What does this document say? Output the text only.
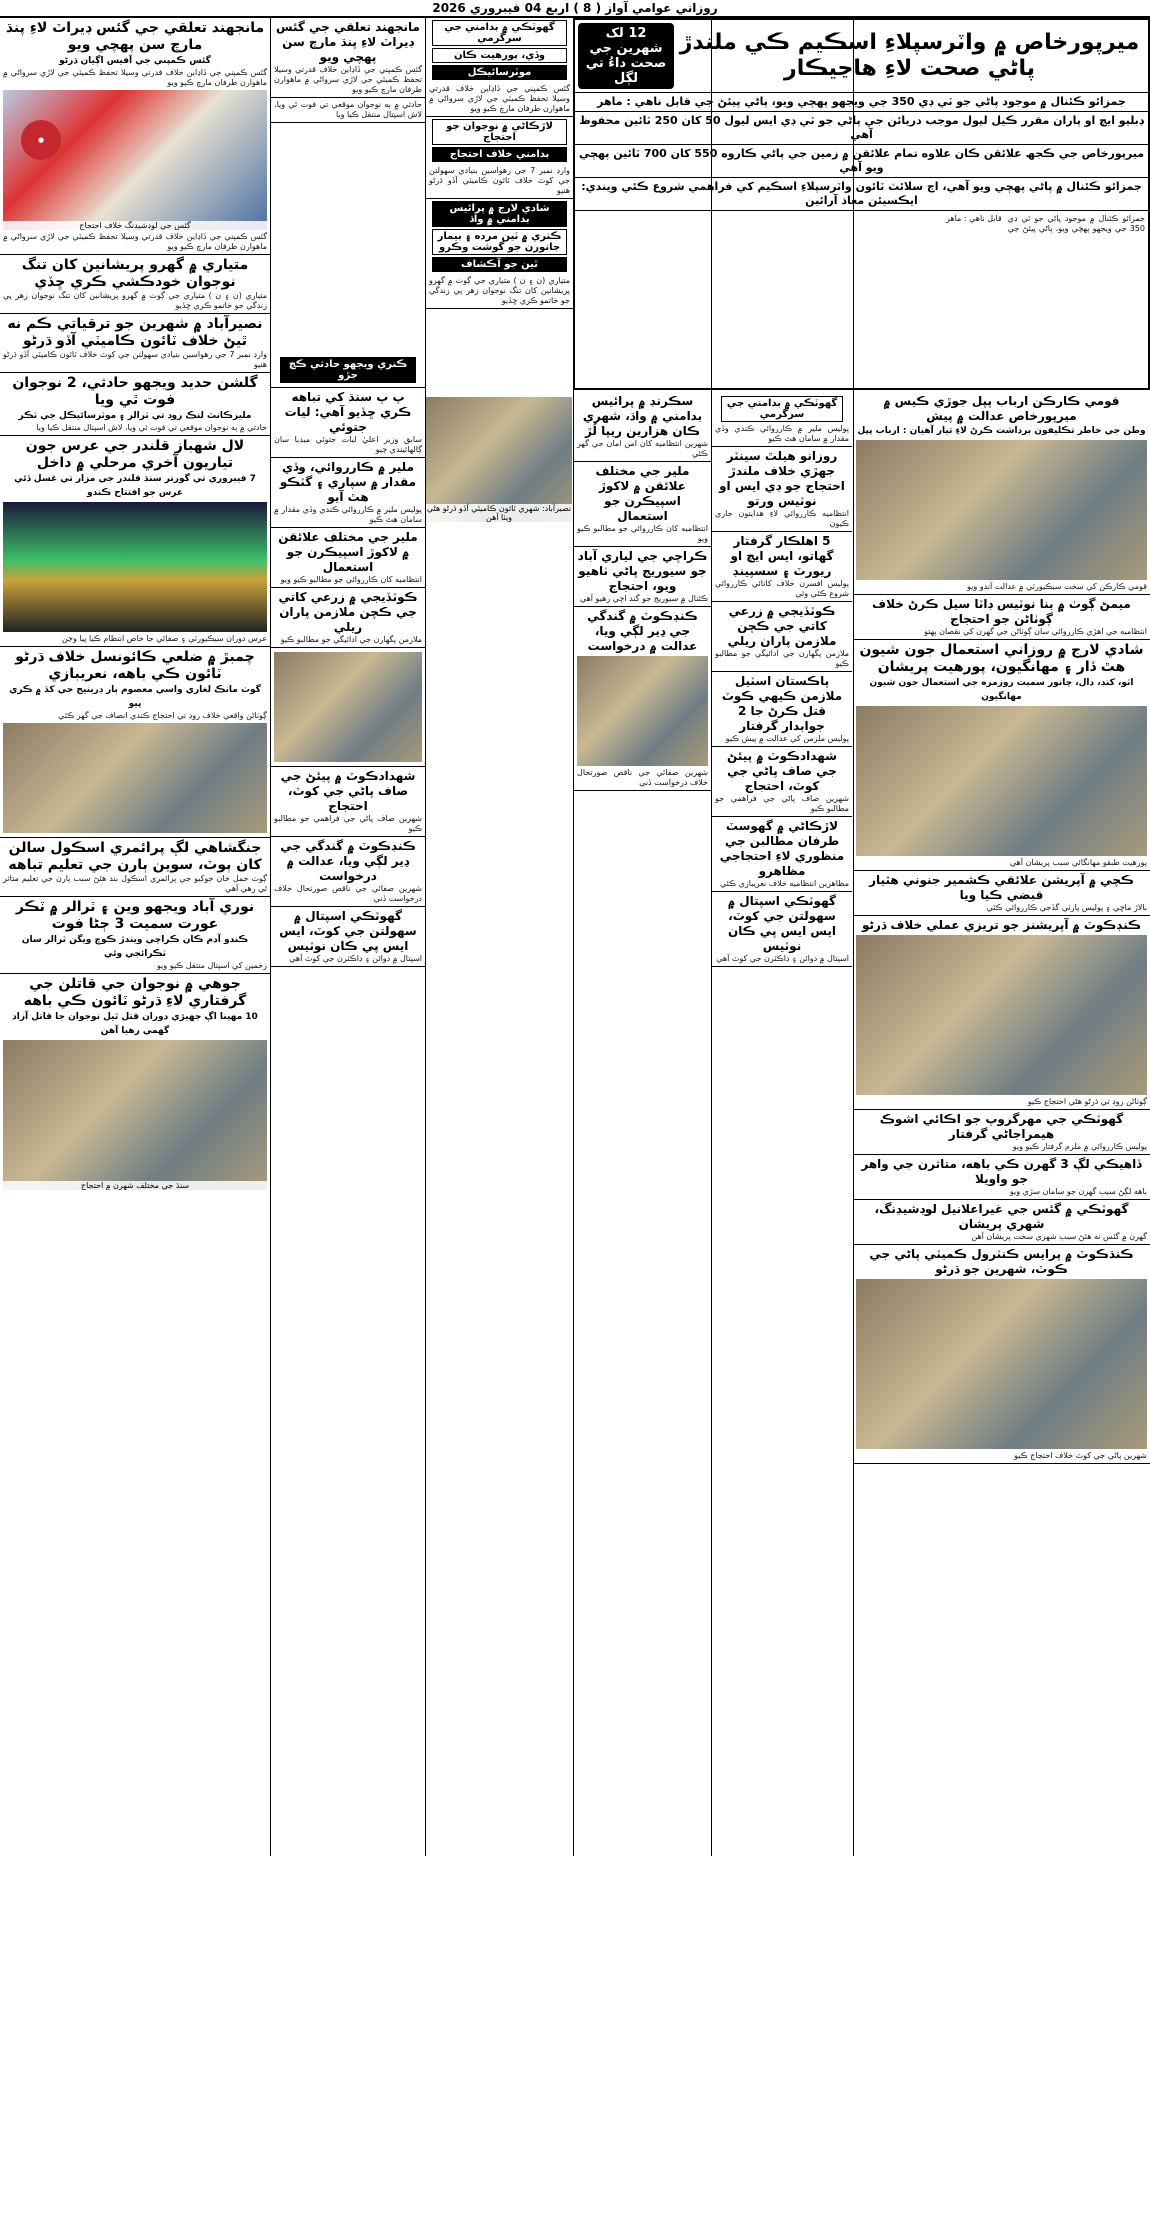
روزاني عوامي آواز ( 8 ) اربع 04 فيبروري 2026
ميرپورخاص ۾ واٽرسپلاءِ اسڪيم ڪي ملندڙ پاڻي صحت لاءِ هاڃيڪار
12 لک شهرين جي صحت داءُ تي لڳل
جمزائو ڪئنال ۾ موجود پاڻي جو ٽي ڊي 350 جي ويجهو پهچي ويو، پاڻي پيئڻ جي قابل ناهي : ماهر
ڊبليو ايچ او پاران مقرر ڪيل ليول موجب دريائن جي پاڻي جو ٽي ڊي ايس ليول 50 کان 250 ٽائين محفوظ آهي
ميرپورخاص جي ڪجھ علائقن ڪان علاوه تمام علائقن ۾ زمين جي پاڻي ڪاروه 550 کان 700 ٽائين پهچي ويو آهي
جمزائو ڪئنال ۾ پاڻي پهچي ويو آهي، اڄ سلائٽ ٽائون واٽرسپلاءِ اسڪيم کي فراهمي شروع ڪئي ويندي: ايڪسيئن معاذ آرائين
جمزائو ڪئنال ۾ موجود پاڻي جو ٽي ڊي 350 جي ويجهو پهچي ويو، پاڻي پيئڻ جي قابل ناهي : ماهر
قومي ڪارڪن ارباب پپل جوڙي ڪيس ۾ ميرپورخاص عدالت ۾ پيش
وطن جي خاطر تڪليفون برداشت ڪرڻ لاءِ تيار آهيان : ارباب پپل
قومي ڪارڪن کي سخت سيڪيورٽي ۾ عدالت آندو ويو
ميمڻ ڳوٺ ۾ بنا نوٽيس ڊاٽا سيل ڪرڻ خلاف ڳوٺاڻن جو احتجاج
انتظاميه جي اهڙي ڪارروائي سان ڳوٺاڻن جي گهرن کي نقصان پهتو
شادي لارج ۾ روزاني استعمال جون شيون هٿ ڏار ۽ مهانگيون، پورهيت پريشان
اٽو، کنڊ، دال، چانور سميت روزمره جي استعمال جون شيون مهانگيون
پورهيت طبقو مهانگائي سبب پريشان آهي
ڪچي ۾ آپريشن علائقي ڪشمير جنوني هٿيار قبضي ڪيا ويا
بالاڙ ماڇي ۽ پوليس پارٽي گڏجي ڪارروائي ڪئي
ڪنڊڪوٽ ۾ آپريشنز جو تريزي عملي خلاف ڌرڻو
ڳوٺاڻن روڊ تي ڌرڻو هڻي احتجاج ڪيو
گهوٽڪي جي مهرگروپ جو اڪائي اشوڪ هيمراجاڻي گرفتار
پوليس ڪارروائي ۾ ملزم گرفتار ڪيو ويو
ڏاهيڪي لڳ 3 گهرن ڪي باهه، متاثرن جي واهر جو واويلا
باهه لڳڻ سبب گهرن جو سامان سڙي ويو
گهوٽڪي ۾ گئس جي غيراعلانيل لوڊشيڊنگ، شهري پريشان
گهرن ۾ گئس نه هئڻ سبب شهري سخت پريشان آهن
ڪنڌڪوٽ ۾ پرايس ڪنٽرول ڪميٽي پاڻي جي ڪوٽ، شهرين جو ڌرڻو
شهرين پاڻي جي کوٽ خلاف احتجاج ڪيو
گهوٽڪي ۾ بدامني جي سرگرمي
پوليس ملير ۾ ڪارروائي ڪندي وڏي مقدار ۾ سامان هٿ ڪيو
روزانو هيلٿ سينٽر جهڙي خلاف ملندڙ احتجاج جو ڊي ايس او نوٽيس ورتو
انتظاميه ڪارروائي لاءِ هدايتون جاري ڪيون
5 اهلڪار گرفتار گهاتو، ايس ايچ او ريورٽ ۽ سسپينڊ
پوليس افسرن خلاف کاتائي ڪارروائي شروع ڪئي وئي
ڪوٽڏيجي ۾ زرعي کاتي جي ڪچن ملازمن پاران ريلي
ملازمن پگهارن جي ادائيگي جو مطالبو ڪيو
پاڪستان اسٽيل ملازمن ڪيهي ڪوٽ قتل ڪرڻ جا 2 جوابدار گرفتار
پوليس ملزمن کي عدالت ۾ پيش ڪيو
شهدادڪوٽ ۾ پيئڻ جي صاف پاڻي جي کوٽ، احتجاج
شهرين صاف پاڻي جي فراهمي جو مطالبو ڪيو
لاڙڪاڻي ۾ گهوسٽ طرفان مطالبن جي منظوري لاءِ احتجاجي مظاهرو
مظاهرين انتظاميه خلاف نعريبازي ڪئي
گهوٽڪي اسپتال ۾ سهولتن جي کوٽ، ايس ايس پي ڪان نوٽيس
اسپتال ۾ دوائن ۽ ڊاڪٽرن جي کوٽ آهي
سڪرنڊ ۾ پرائيس بدامني ۾ واڌ، شهري ڪان هزارين ريپا لُڙ
شهرين انتظاميه کان امن امان جي گهر ڪئي
ملير جي مختلف علائقن ۾ لاکوڙ اسپيڪرن جو استعمال
انتظاميه کان ڪارروائي جو مطالبو ڪيو ويو
ڪراچي جي لياري آباد جو سيوريج پاڻي ٺاهيو ويو، احتجاج
ڪئنال ۾ سيوريج جو گند اچي رهيو آهي
ڪنڊڪوٽ ۾ گندگي جي ڍير لڳي ويا، عدالت ۾ درخواست
شهرين صفائي جي ناقص صورتحال خلاف درخواست ڏني
گهوٽڪي ۾ بدامني جي سرگرمي
وڏي، پورهيت ڪان
موٽرسائيڪل
گئس ڪمپني جي ڏاڍاين خلاف قدرتي وسيلا تحفظ ڪميٽي جي لاڙي سرواڻي ۾ ماهوارن طرفان مارچ ڪيو ويو
لاڙڪاڻي ۾ نوجوان جو احتجاج
بدامني خلاف احتجاج
وارڊ نمبر 7 جي رهواسين بنيادي سهولتن جي کوٽ خلاف ٽائون ڪاميٽي آڏو ڌرڻو هنيو
شادي لارج ۾ پرائيس بدامني ۾ واڌ
ڪنري ۾ ٽين مرده ۽ بيمار جانورن جو گوشت وڪرو
ٿين جو آڪشاف
متياري (ن ۽ ن ) متياري جي ڳوٺ ۾ گهرو پريشانين کان تنگ نوجوان زهر پي زندگي جو خاتمو ڪري ڇڏيو
مانجهند تعلقي جي گئس ڊيراٽ لاءِ پنڌ مارچ سن پهچي ويو
گئس ڪمپني جي ڏاڍاين خلاف قدرتي وسيلا تحفظ ڪميٽي جي لاڙي سرواڻي ۾ ماهوارن طرفان مارچ ڪيو ويو
حادثي ۾ ٻه نوجوان موقعي تي فوت ٿي ويا، لاش اسپتال منتقل ڪيا ويا
ڪنري ويجهو حادثي ڪچ جڙو
پ پ سنڌ کي تباهه ڪري ڇڏيو آهي: ليات جتوئي
سابق وزير اعليٰ ليات جتوئي ميڊيا سان ڳالهائيندي چيو
ملير ۾ ڪارروائي، وڏي مقدار ۾ سپاري ۽ گٽڪو هٿ آيو
پوليس ملير ۾ ڪارروائي ڪندي وڏي مقدار ۾ سامان هٿ ڪيو
ملير جي مختلف علائقن ۾ لاکوڙ اسپيڪرن جو استعمال
انتظاميه کان ڪارروائي جو مطالبو ڪيو ويو
ڪوٽڏيجي ۾ زرعي کاتي جي ڪچن ملازمن پاران ريلي
ملازمن پگهارن جي ادائيگي جو مطالبو ڪيو
شهدادڪوٽ ۾ پيئڻ جي صاف پاڻي جي کوٽ، احتجاج
شهرين صاف پاڻي جي فراهمي جو مطالبو ڪيو
ڪنڊڪوٽ ۾ گندگي جي ڍير لڳي ويا، عدالت ۾ درخواست
شهرين صفائي جي ناقص صورتحال خلاف درخواست ڏني
گهوٽڪي اسپتال ۾ سهولتن جي کوٽ، ايس ايس پي ڪان نوٽيس
اسپتال ۾ دوائن ۽ ڊاڪٽرن جي کوٽ آهي
نصيرآباد: شهري ٽائون ڪاميٽي آڏو ڌرڻو هڻي ويٺا آهن
مانجهند تعلقي جي گئس ڊيراٽ لاءِ پنڌ مارچ سن پهچي ويو
گئس ڪمپني جي آفيس اڳيان ڌرڻو
گئس ڪمپني جي ڏاڍاين خلاف قدرتي وسيلا تحفظ ڪميٽي جي لاڙي سرواڻي ۾ ماهوارن طرفان مارچ ڪيو ويو
●
گئس جي لوڊشيڊنگ خلاف احتجاج
گئس ڪمپني جي ڏاڍاين خلاف قدرتي وسيلا تحفظ ڪميٽي جي لاڙي سرواڻي ۾ ماهوارن طرفان مارچ ڪيو ويو
متياري ۾ گهرو پريشانين کان تنگ نوجوان خودڪشي ڪري ڇڏي
متياري (ن ۽ ن ) متياري جي ڳوٺ ۾ گهرو پريشانين کان تنگ نوجوان زهر پي زندگي جو خاتمو ڪري ڇڏيو
نصيرآباد ۾ شهرين جو ترقياتي ڪم نه ٿيڻ خلاف ٽائون ڪاميٽي آڏو ڌرڻو
وارڊ نمبر 7 جي رهواسين بنيادي سهولتن جي کوٽ خلاف ٽائون ڪاميٽي آڏو ڌرڻو هنيو
گلشن حديد ويجهو حادثي، 2 نوجوان فوت ٿي ويا
مليرڪانٽ لنڪ روڊ تي ٽرالر ۽ موٽرسائيڪل جي ٽڪر
حادثي ۾ ٻه نوجوان موقعي تي فوت ٿي ويا، لاش اسپتال منتقل ڪيا ويا
لال شهباز قلندر جي عرس جون تياريون آخري مرحلي ۾ داخل
7 فيبروري تي گورنر سنڌ قلندر جي مزار تي غسل ڏئي عرس جو افتتاح ڪندو
عرس دوران سيڪيورٽي ۽ صفائي جا خاص انتظام ڪيا پيا وڃن
چمبڙ ۾ ضلعي ڪائونسل خلاف ڌرڻو ٽائون ڪي باهه، نعريبازي
گوٺ مانڪ لغاري واسي معصوم ٻار ڊرينيج جي کڏ ۾ ڪري پيو
ڳوٺاڻن واقعي خلاف روڊ تي احتجاج ڪندي انصاف جي گهر ڪئي
جنگشاهي لڳ پرائمري اسڪول سالن کان ٻوٽ، سوين ٻارن جي تعليم تباهه
ڳوٺ حمل خان جوکيو جي پرائمري اسڪول بند هئڻ سبب ٻارن جي تعليم متاثر ٿي رهي آهي
نوري آباد ويجهو وين ۽ ٽرالر ۾ ٽڪر عورت سميت 3 ڄڻا فوت
ڪندو آدم ڪان ڪراچي ويندڙ ڪوچ ويگن ٽرالر سان ٽڪرائجي وئي
زخمين کي اسپتال منتقل ڪيو ويو
جوهي ۾ نوجوان جي قاتلن جي گرفتاري لاءِ ڌرڻو ٽائون ڪي باهه
10 مهينا اڳ جهيڙي دوران قتل ٿيل نوجوان جا قاتل آزاد گهمي رهيا آهن
سنڌ جي مختلف شهرن ۾ احتجاج
